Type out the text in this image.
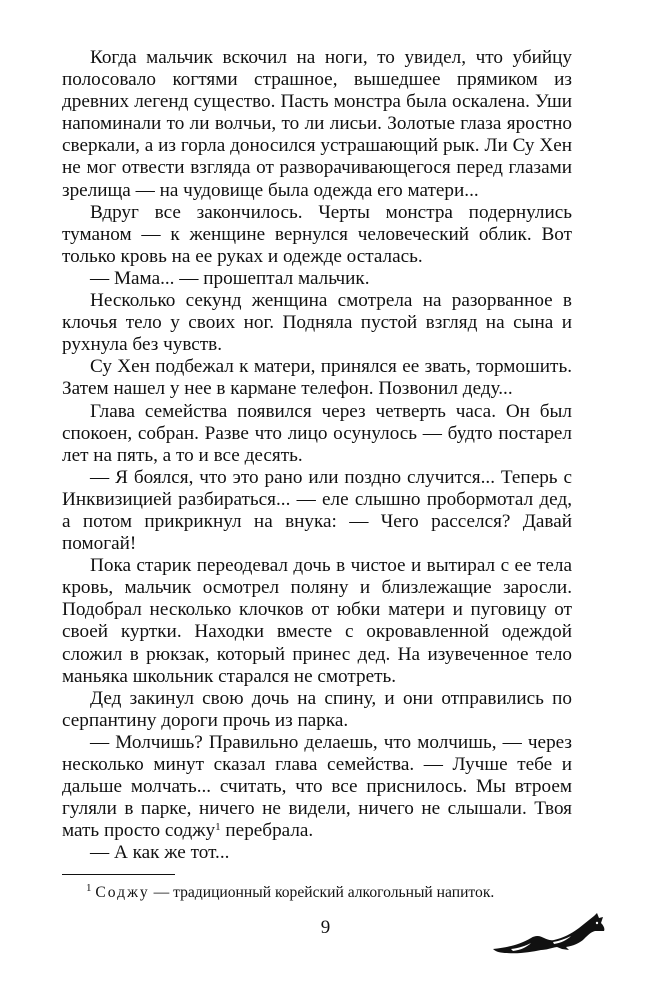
Когда мальчик вскочил на ноги, то увидел, что убийцу полосовало когтями страшное, вышедшее прямиком из древних легенд существо. Пасть монстра была оскалена. Уши напоминали то ли волчьи, то ли лисьи. Золотые глаза яростно сверкали, а из горла доносился устрашающий рык. Ли Су Хен не мог отвести взгляда от разворачивающегося перед глазами зрелища — на чудовище была одежда его матери...

Вдруг все закончилось. Черты монстра подернулись туманом — к женщине вернулся человеческий облик. Вот только кровь на ее руках и одежде осталась.

— Мама... — прошептал мальчик.

Несколько секунд женщина смотрела на разорванное в клочья тело у своих ног. Подняла пустой взгляд на сына и рухнула без чувств.

Су Хен подбежал к матери, принялся ее звать, тормошить. Затем нашел у нее в кармане телефон. Позвонил деду...

Глава семейства появился через четверть часа. Он был спокоен, собран. Разве что лицо осунулось — будто постарел лет на пять, а то и все десять.

— Я боялся, что это рано или поздно случится... Теперь с Инквизицией разбираться... — еле слышно пробормотал дед, а потом прикрикнул на внука: — Чего расселся? Давай помогай!

Пока старик переодевал дочь в чистое и вытирал с ее тела кровь, мальчик осмотрел поляну и близлежащие заросли. Подобрал несколько клочков от юбки матери и пуговицу от своей куртки. Находки вместе с окровавленной одеждой сложил в рюкзак, который принес дед. На изувеченное тело маньяка школьник старался не смотреть.

Дед закинул свою дочь на спину, и они отправились по серпантину дороги прочь из парка.

— Молчишь? Правильно делаешь, что молчишь, — через несколько минут сказал глава семейства. — Лучше тебе и дальше молчать... считать, что все приснилось. Мы втроем гуляли в парке, ничего не видели, ничего не слышали. Твоя мать просто соджу$^1$ перебрала.

— А как же тот...

$^1$ Соджу — традиционный корейский алкогольный напиток.
9
